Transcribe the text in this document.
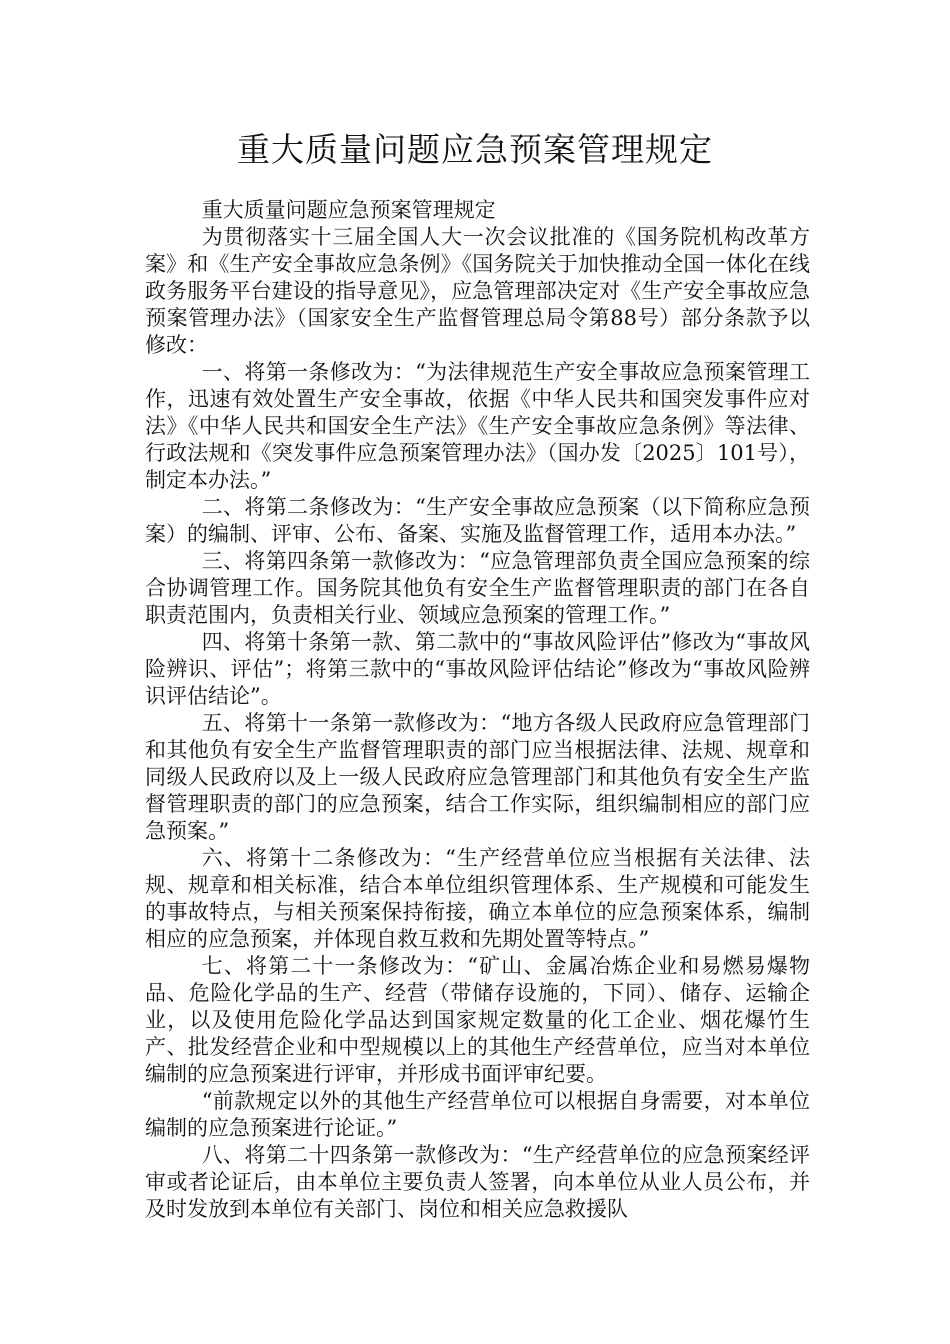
重大质量问题应急预案管理规定

重大质量问题应急预案管理规定

为贯彻落实十三届全国人大一次会议批准的《国务院机构改革方案》和《生产安全事故应急条例》《国务院关于加快推动全国一体化在线政务服务平台建设的指导意见》，应急管理部决定对《生产安全事故应急预案管理办法》（国家安全生产监督管理总局令第88号）部分条款予以修改：

一、将第一条修改为：“为法律规范生产安全事故应急预案管理工作，迅速有效处置生产安全事故，依据《中华人民共和国突发事件应对法》《中华人民共和国安全生产法》《生产安全事故应急条例》等法律、行政法规和《突发事件应急预案管理办法》（国办发〔2025〕101号），制定本办法。”

二、将第二条修改为：“生产安全事故应急预案（以下简称应急预案）的编制、评审、公布、备案、实施及监督管理工作，适用本办法。”

三、将第四条第一款修改为：“应急管理部负责全国应急预案的综合协调管理工作。国务院其他负有安全生产监督管理职责的部门在各自职责范围内，负责相关行业、领域应急预案的管理工作。”

四、将第十条第一款、第二款中的“事故风险评估”修改为“事故风险辨识、评估”；将第三款中的“事故风险评估结论”修改为“事故风险辨识评估结论”。

五、将第十一条第一款修改为：“地方各级人民政府应急管理部门和其他负有安全生产监督管理职责的部门应当根据法律、法规、规章和同级人民政府以及上一级人民政府应急管理部门和其他负有安全生产监督管理职责的部门的应急预案，结合工作实际，组织编制相应的部门应急预案。”

六、将第十二条修改为：“生产经营单位应当根据有关法律、法规、规章和相关标准，结合本单位组织管理体系、生产规模和可能发生的事故特点，与相关预案保持衔接，确立本单位的应急预案体系，编制相应的应急预案，并体现自救互救和先期处置等特点。”

七、将第二十一条修改为：“矿山、金属冶炼企业和易燃易爆物品、危险化学品的生产、经营（带储存设施的，下同）、储存、运输企业，以及使用危险化学品达到国家规定数量的化工企业、烟花爆竹生产、批发经营企业和中型规模以上的其他生产经营单位，应当对本单位编制的应急预案进行评审，并形成书面评审纪要。

“前款规定以外的其他生产经营单位可以根据自身需要，对本单位编制的应急预案进行论证。”

八、将第二十四条第一款修改为：“生产经营单位的应急预案经评审或者论证后，由本单位主要负责人签署，向本单位从业人员公布，并及时发放到本单位有关部门、岗位和相关应急救援队
